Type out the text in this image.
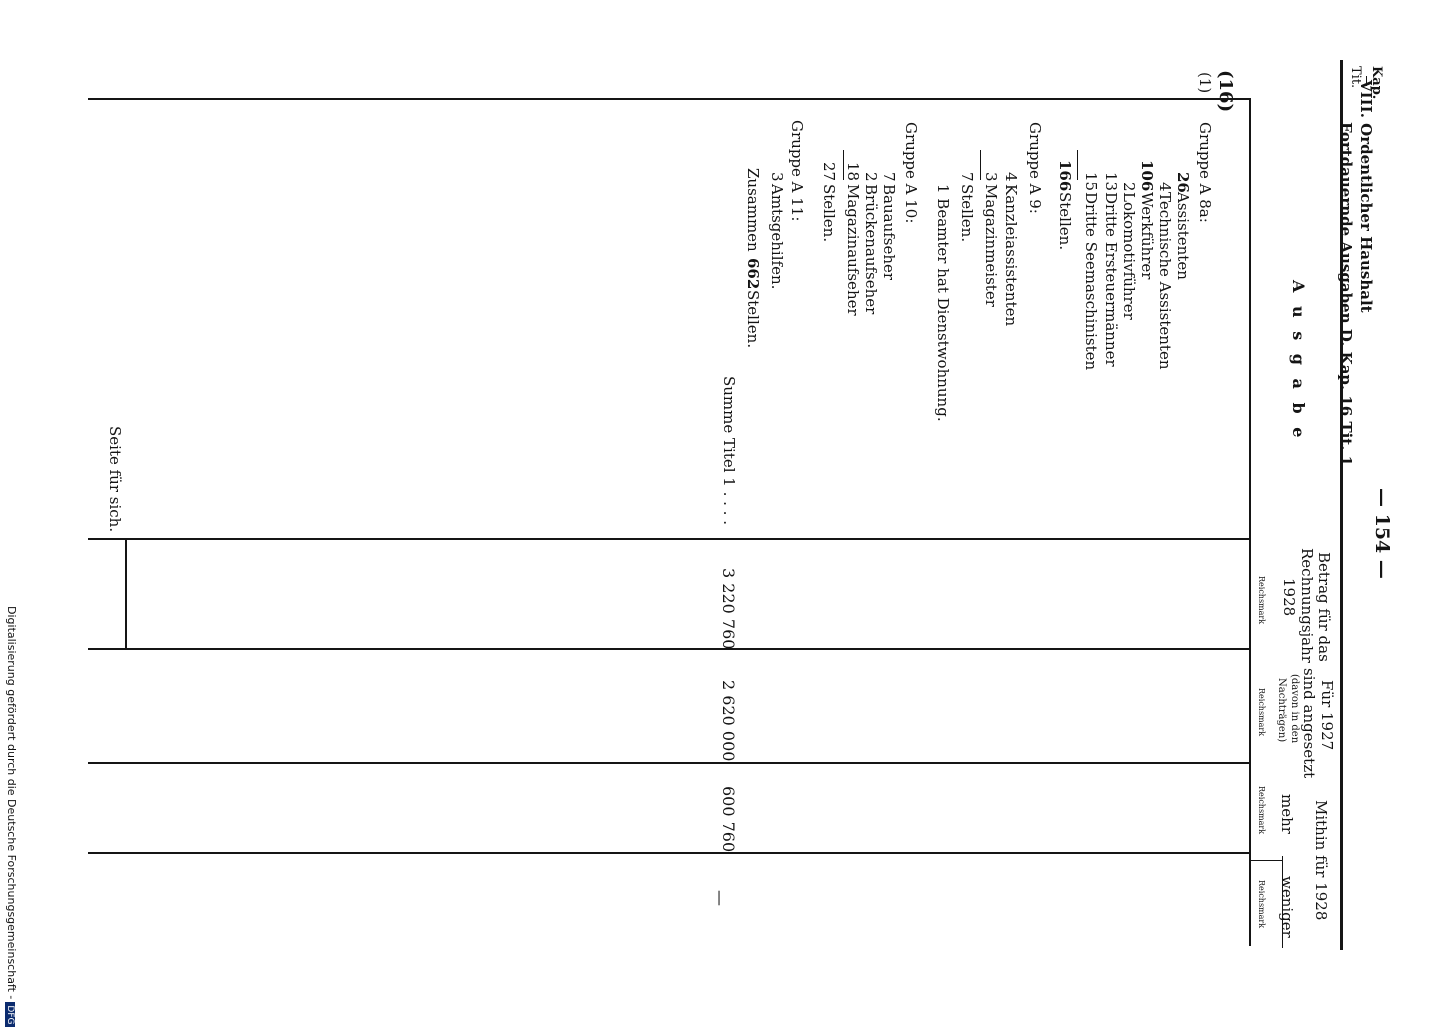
— 154 —
VIII. Ordentlicher Haushalt
Fortdauernde Ausgaben D. Kap. 16 Tit. 1
Kap.
Tit.
A u s g a b e
Betrag für das
Rechnungsjahr
1928
Reichsmark
Für 1927
sind angesetzt
(davon in den
Nachträgen)
Reichsmark
Mithin für 1928
mehr
Reichsmark
weniger
Reichsmark
(16)
(1)
Gruppe A 8a:
26
Assistenten
4
Technische Assistenten
106
Werkführer
2
Lokomotivführer
13
Dritte Ersteuermänner
15
Dritte Seemaschinisten
166
Stellen.
Gruppe A 9:
4
Kanzleiassistenten
3
Magazinmeister
7
Stellen.
1 Beamter hat Dienstwohnung.
Gruppe A 10:
7
Bauaufseher
2
Brückenaufseher
18
Magazinaufseher
27
Stellen.
Gruppe A 11:
3
Amtsgehilfen.
Zusammen
662
Stellen.
Summe Titel 1 . . . .
3 220 760
2 620 000
600 760
—
Seite für sich.
Digitalisierung gefördert durch die Deutsche Forschungsgemeinschaft -DFG
